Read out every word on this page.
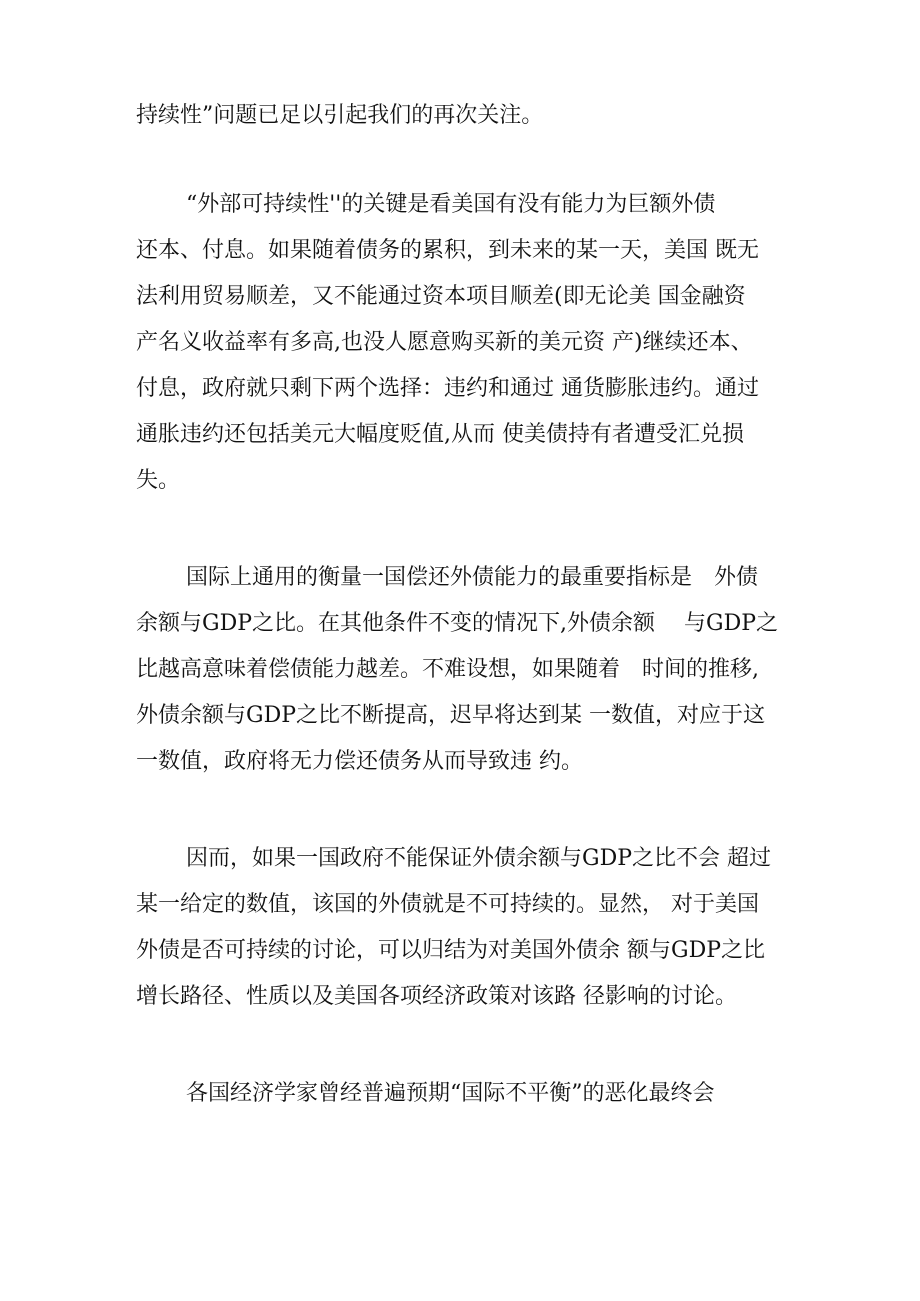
持续性”问题已足以引起我们的再次关注。
“外部可持续性''的关键是看美国有没有能力为巨额外债
还本、付息。如果随着债务的累积，到未来的某一天，美国 既无
法利用贸易顺差，又不能通过资本项目顺差(即无论美 国金融资
产名义收益率有多高,也没人愿意购买新的美元资 产)继续还本、
付息，政府就只剩下两个选择：违约和通过 通货膨胀违约。通过
通胀违约还包括美元大幅度贬值,从而 使美债持有者遭受汇兑损
失。
国际上通用的衡量一国偿还外债能力的最重要指标是　外债
余额与GDP之比。在其他条件不变的情况下,外债余额　 与GDP之
比越高意味着偿债能力越差。不难设想，如果随着　时间的推移,
外债余额与GDP之比不断提高，迟早将达到某 一数值，对应于这
一数值，政府将无力偿还债务从而导致违 约。
因而，如果一国政府不能保证外债余额与GDP之比不会 超过
某一给定的数值，该国的外债就是不可持续的。显然， 对于美国
外债是否可持续的讨论，可以归结为对美国外债余 额与GDP之比
增长路径、性质以及美国各项经济政策对该路 径影响的讨论。
各国经济学家曾经普遍预期“国际不平衡”的恶化最终会
